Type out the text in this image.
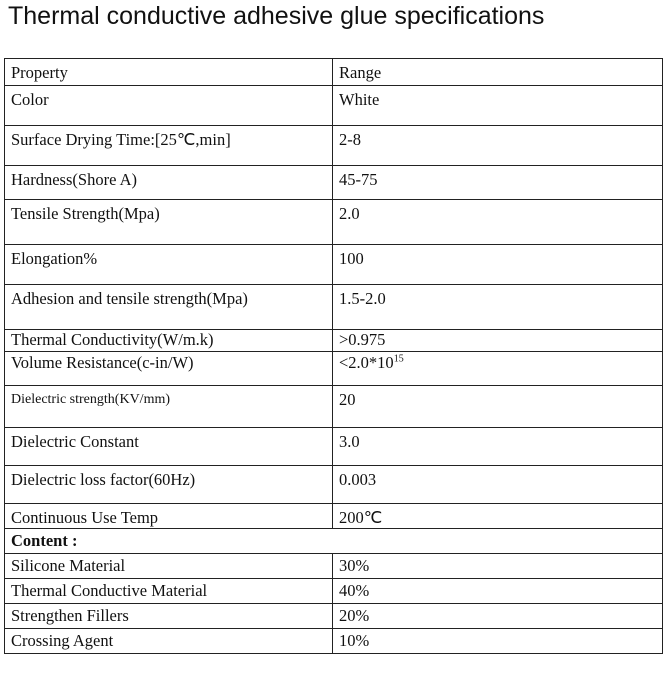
Thermal conductive adhesive glue specifications
Property	Range
Color	White
Surface Drying Time:[25℃,min]	2-8
Hardness(Shore A)	45-75
Tensile Strength(Mpa)	2.0
Elongation%	100
Adhesion and tensile strength(Mpa)	1.5-2.0
Thermal Conductivity(W/m.k)	>0.975
Volume Resistance(c-in/W)	$<2.0*10^{15}$
Dielectric strength(KV/mm)	20
Dielectric Constant	3.0
Dielectric loss factor(60Hz)	0.003
Continuous Use Temp	200℃
Content :	
Silicone Material	30%
Thermal Conductive Material	40%
Strengthen Fillers	20%
Crossing Agent	10%
